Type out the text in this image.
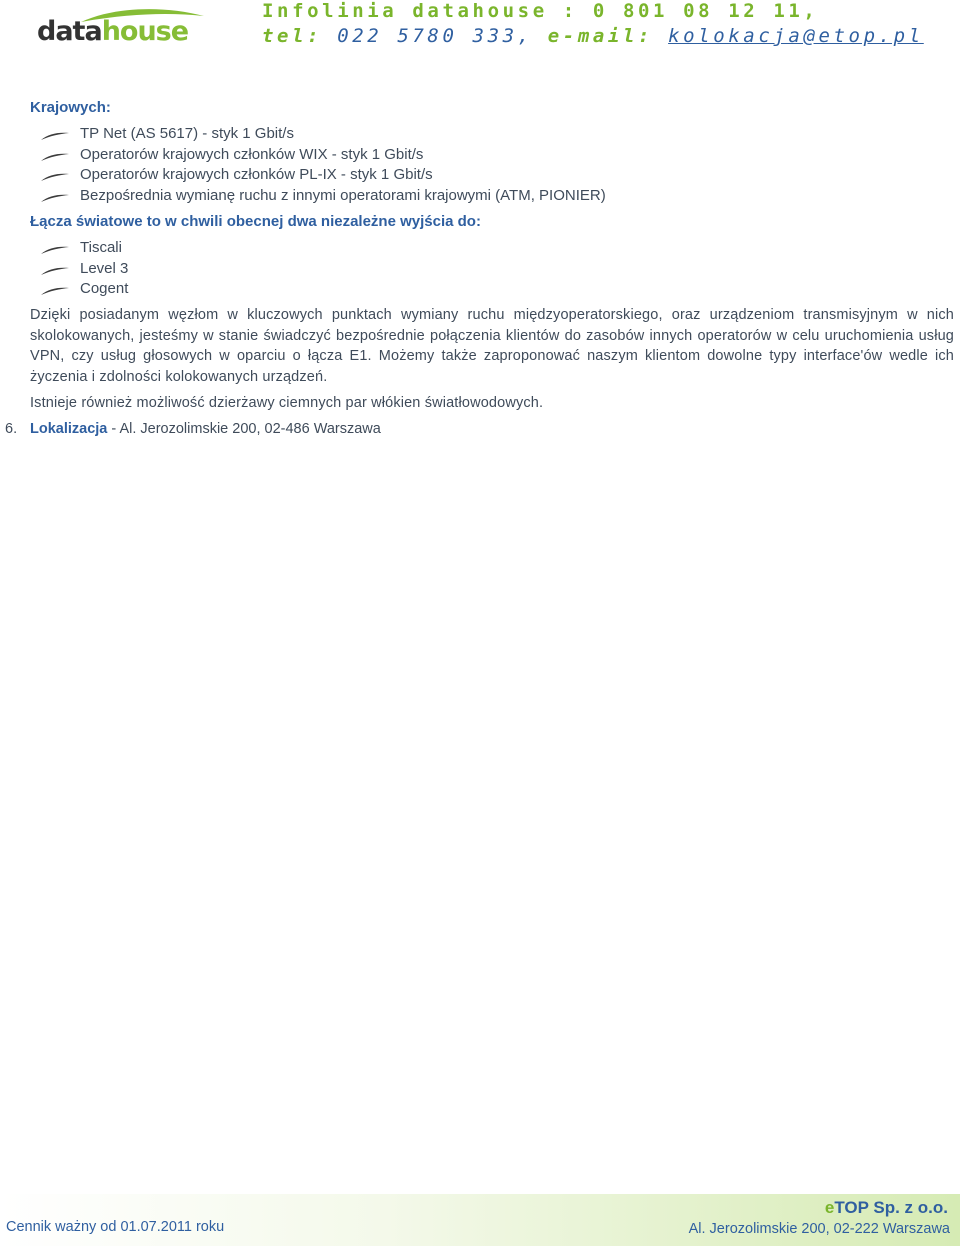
datahouse
Infolinia datahouse : 0 801 08 12 11,
tel: 022 5780 333, e-mail: kolokacja@etop.pl
Krajowych:
TP Net (AS 5617) - styk 1 Gbit/s
Operatorów krajowych członków WIX - styk 1 Gbit/s
Operatorów krajowych członków PL-IX - styk 1 Gbit/s
Bezpośrednia wymianę ruchu z innymi operatorami krajowymi (ATM, PIONIER)
Łącza światowe to w chwili obecnej dwa niezależne wyjścia do:
Tiscali
Level 3
Cogent
Dzięki posiadanym węzłom w kluczowych punktach wymiany ruchu międzyoperatorskiego, oraz urządzeniom transmisyjnym w nich skolokowanych, jesteśmy w stanie świadczyć bezpośrednie połączenia klientów do zasobów innych operatorów w celu uruchomienia usług VPN, czy usług głosowych w oparciu o łącza E1. Możemy także zaproponować naszym klientom dowolne typy interface'ów wedle ich życzenia i zdolności kolokowanych urządzeń.
Istnieje również możliwość dzierżawy ciemnych par włókien światłowodowych.
6. Lokalizacja - Al. Jerozolimskie 200, 02-486 Warszawa
Cennik ważny od 01.07.2011 roku
eTOP Sp. z o.o.
Al. Jerozolimskie 200, 02-222 Warszawa
